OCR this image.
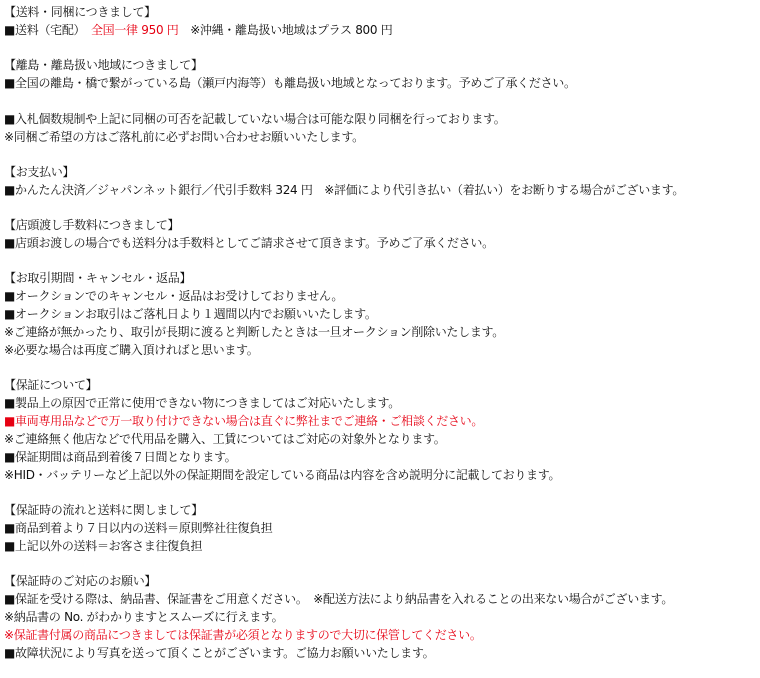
【送料・同梱につきまして】
■送料（宅配）　 全国一律 950 円　 ※沖縄・離島扱い地域はプラス 800 円
【離島・離島扱い地域につきまして】
■全国の離島・橋で繋がっている島（瀬戸内海等）も離島扱い地域となっております。予めご了承ください。
■入札個数規制や上記に同梱の可否を記載していない場合は可能な限り同梱を行っております。
※同梱ご希望の方はご落札前に必ずお問い合わせお願いいたします。
【お支払い】
■かんたん決済／ジャパンネット銀行／代引手数料 324 円　※評価により代引き払い（着払い）をお断りする場合がございます。
【店頭渡し手数料につきまして】
■店頭お渡しの場合でも送料分は手数料としてご請求させて頂きます。予めご了承ください。
【お取引期間・キャンセル・返品】
■オークションでのキャンセル・返品はお受けしておりません。
■オークションお取引はご落札日より１週間以内でお願いいたします。
※ご連絡が無かったり、取引が長期に渡ると判断したときは一旦オークション削除いたします。
※必要な場合は再度ご購入頂ければと思います。
【保証について】
■製品上の原因で正常に使用できない物につきましてはご対応いたします。
■車両専用品などで万一取り付けできない場合は直ぐに弊社までご連絡・ご相談ください。
※ご連絡無く他店などで代用品を購入、工賃についてはご対応の対象外となります。
■保証期間は商品到着後７日間となります。
※HID・バッテリーなど上記以外の保証期間を設定している商品は内容を含め説明分に記載しております。
【保証時の流れと送料に関しまして】
■商品到着より７日以内の送料＝原則弊社往復負担
■上記以外の送料＝お客さま往復負担
【保証時のご対応のお願い】
■保証を受ける際は、納品書、保証書をご用意ください。　※配送方法により納品書を入れることの出来ない場合がございます。
※納品書の No. がわかりますとスムーズに行えます。
※保証書付属の商品につきましては保証書が必須となりますので大切に保管してください。
■故障状況により写真を送って頂くことがございます。ご協力お願いいたします。
